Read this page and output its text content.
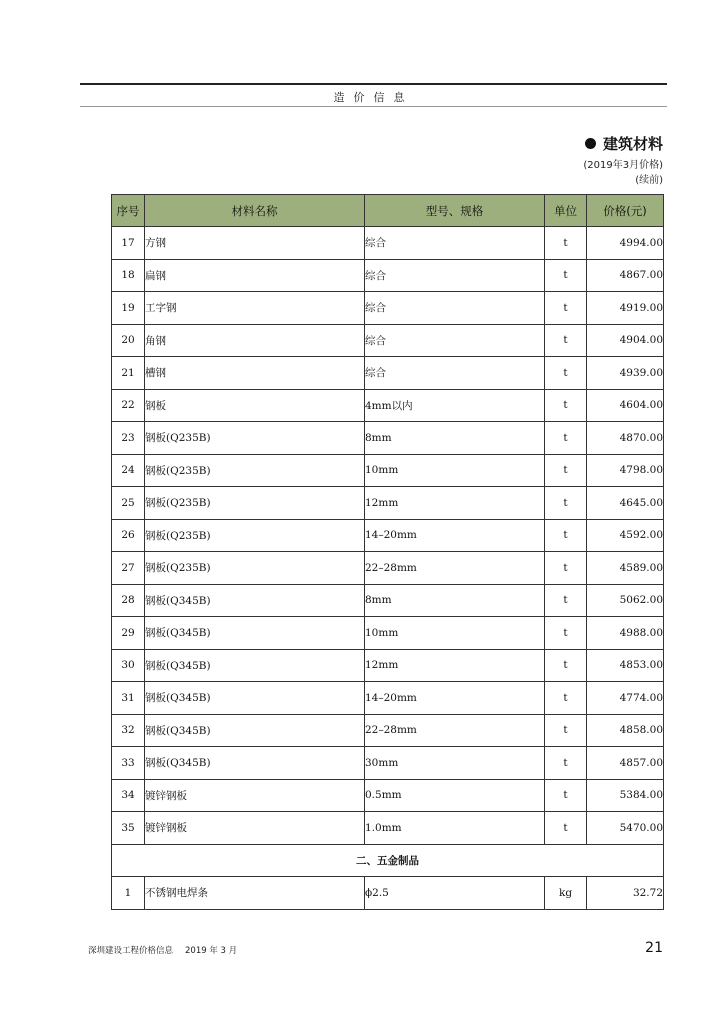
造价信息
建筑材料
(2019年3月价格)
(续前)
序号	材料名称	型号、规格	单位	价格(元)
17	方钢	综合	t	4994.00
18	扁钢	综合	t	4867.00
19	工字钢	综合	t	4919.00
20	角钢	综合	t	4904.00
21	槽钢	综合	t	4939.00
22	钢板	4mm以内	t	4604.00
23	钢板(Q235B)	8mm	t	4870.00
24	钢板(Q235B)	10mm	t	4798.00
25	钢板(Q235B)	12mm	t	4645.00
26	钢板(Q235B)	14–20mm	t	4592.00
27	钢板(Q235B)	22–28mm	t	4589.00
28	钢板(Q345B)	8mm	t	5062.00
29	钢板(Q345B)	10mm	t	4988.00
30	钢板(Q345B)	12mm	t	4853.00
31	钢板(Q345B)	14–20mm	t	4774.00
32	钢板(Q345B)	22–28mm	t	4858.00
33	钢板(Q345B)	30mm	t	4857.00
34	镀锌钢板	0.5mm	t	5384.00
35	镀锌钢板	1.0mm	t	5470.00
二、五金制品				
1	不锈钢电焊条	ϕ2.5	kg	32.72
深圳建设工程价格信息 2019 年 3 月	21
